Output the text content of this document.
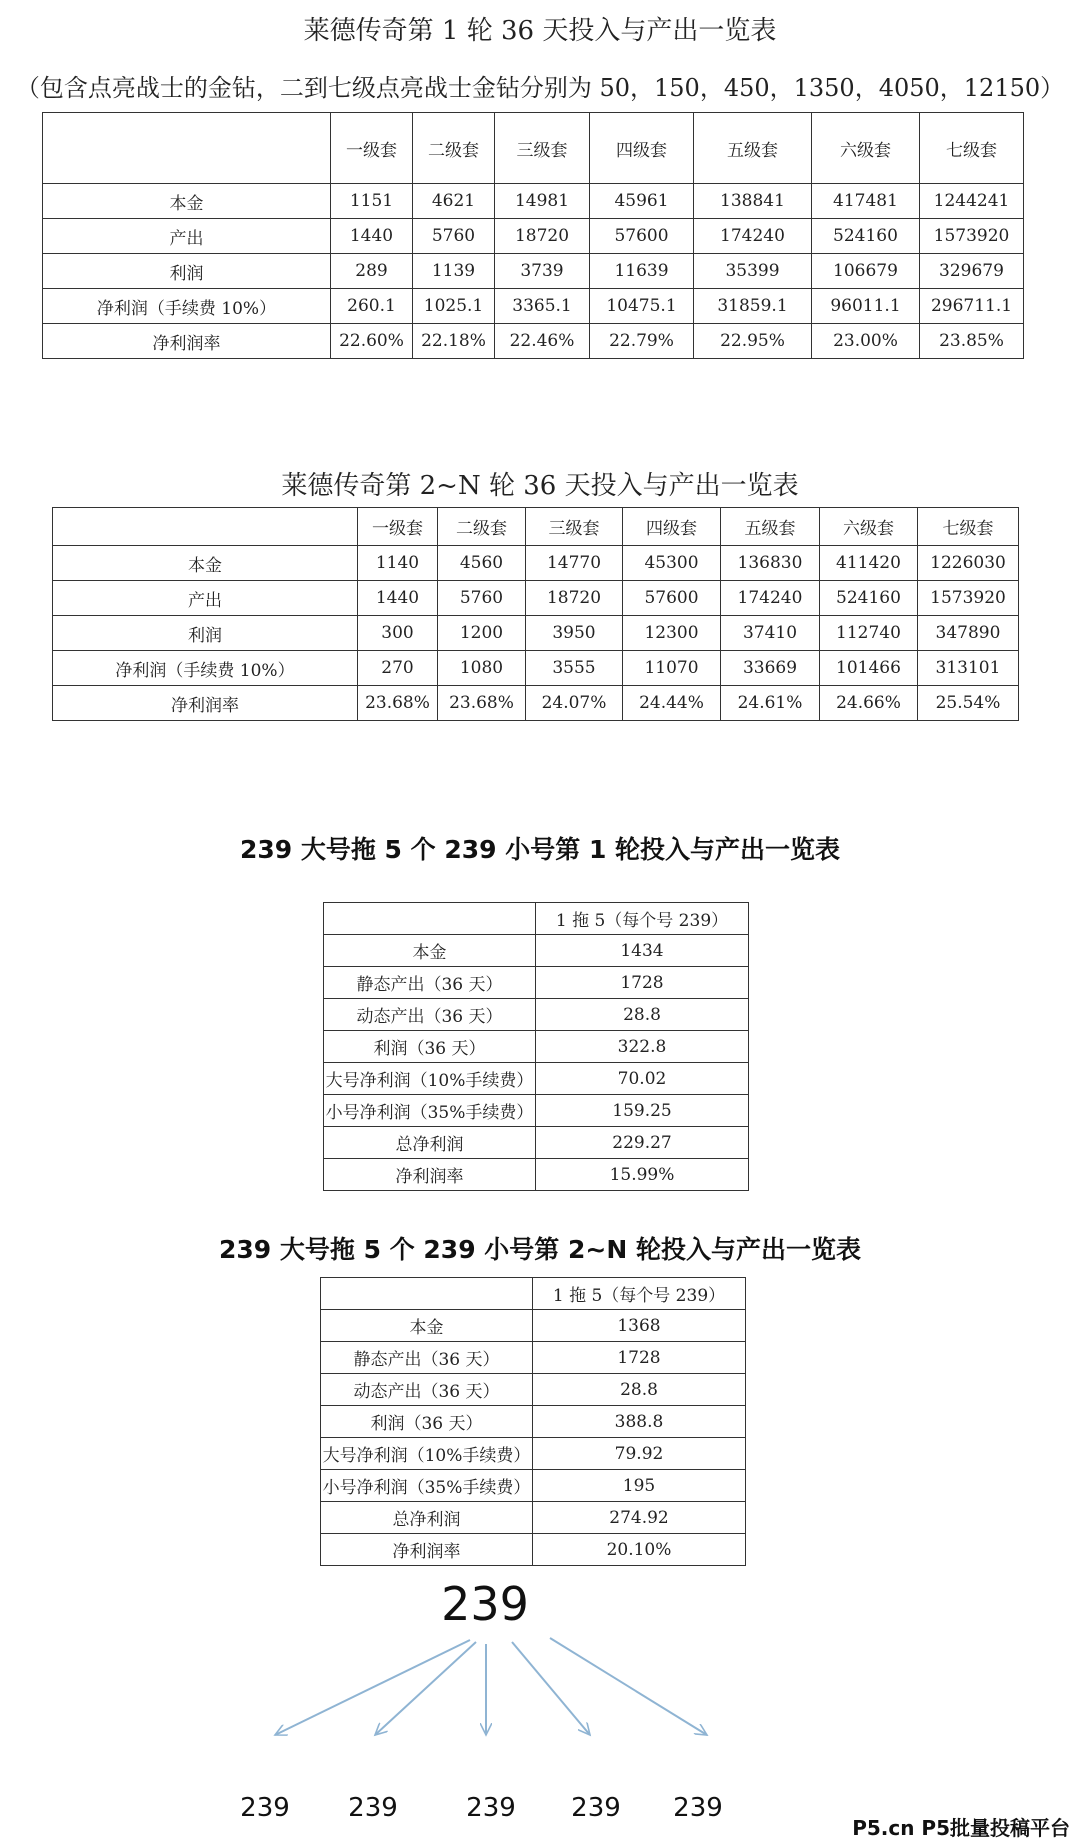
莱德传奇第 1 轮 36 天投入与产出一览表
（包含点亮战士的金钻，二到七级点亮战士金钻分别为 50，150，450，1350，4050，12150）
	一级套	二级套	三级套	四级套	五级套	六级套	七级套
本金	1151	4621	14981	45961	138841	417481	1244241
产出	1440	5760	18720	57600	174240	524160	1573920
利润	289	1139	3739	11639	35399	106679	329679
净利润（手续费 10%）	260.1	1025.1	3365.1	10475.1	31859.1	96011.1	296711.1
净利润率	22.60%	22.18%	22.46%	22.79%	22.95%	23.00%	23.85%
莱德传奇第 2~N 轮 36 天投入与产出一览表
	一级套	二级套	三级套	四级套	五级套	六级套	七级套
本金	1140	4560	14770	45300	136830	411420	1226030
产出	1440	5760	18720	57600	174240	524160	1573920
利润	300	1200	3950	12300	37410	112740	347890
净利润（手续费 10%）	270	1080	3555	11070	33669	101466	313101
净利润率	23.68%	23.68%	24.07%	24.44%	24.61%	24.66%	25.54%
239 大号拖 5 个 239 小号第 1 轮投入与产出一览表
	1 拖 5（每个号 239）
本金	1434
静态产出（36 天）	1728
动态产出（36 天）	28.8
利润（36 天）	322.8
大号净利润（10%手续费）	70.02
小号净利润（35%手续费）	159.25
总净利润	229.27
净利润率	15.99%
239 大号拖 5 个 239 小号第 2~N 轮投入与产出一览表
	1 拖 5（每个号 239）
本金	1368
静态产出（36 天）	1728
动态产出（36 天）	28.8
利润（36 天）	388.8
大号净利润（10%手续费）	79.92
小号净利润（35%手续费）	195
总净利润	274.92
净利润率	20.10%
239
239 239	239 239 239
P5.cn P5批量投稿平台
